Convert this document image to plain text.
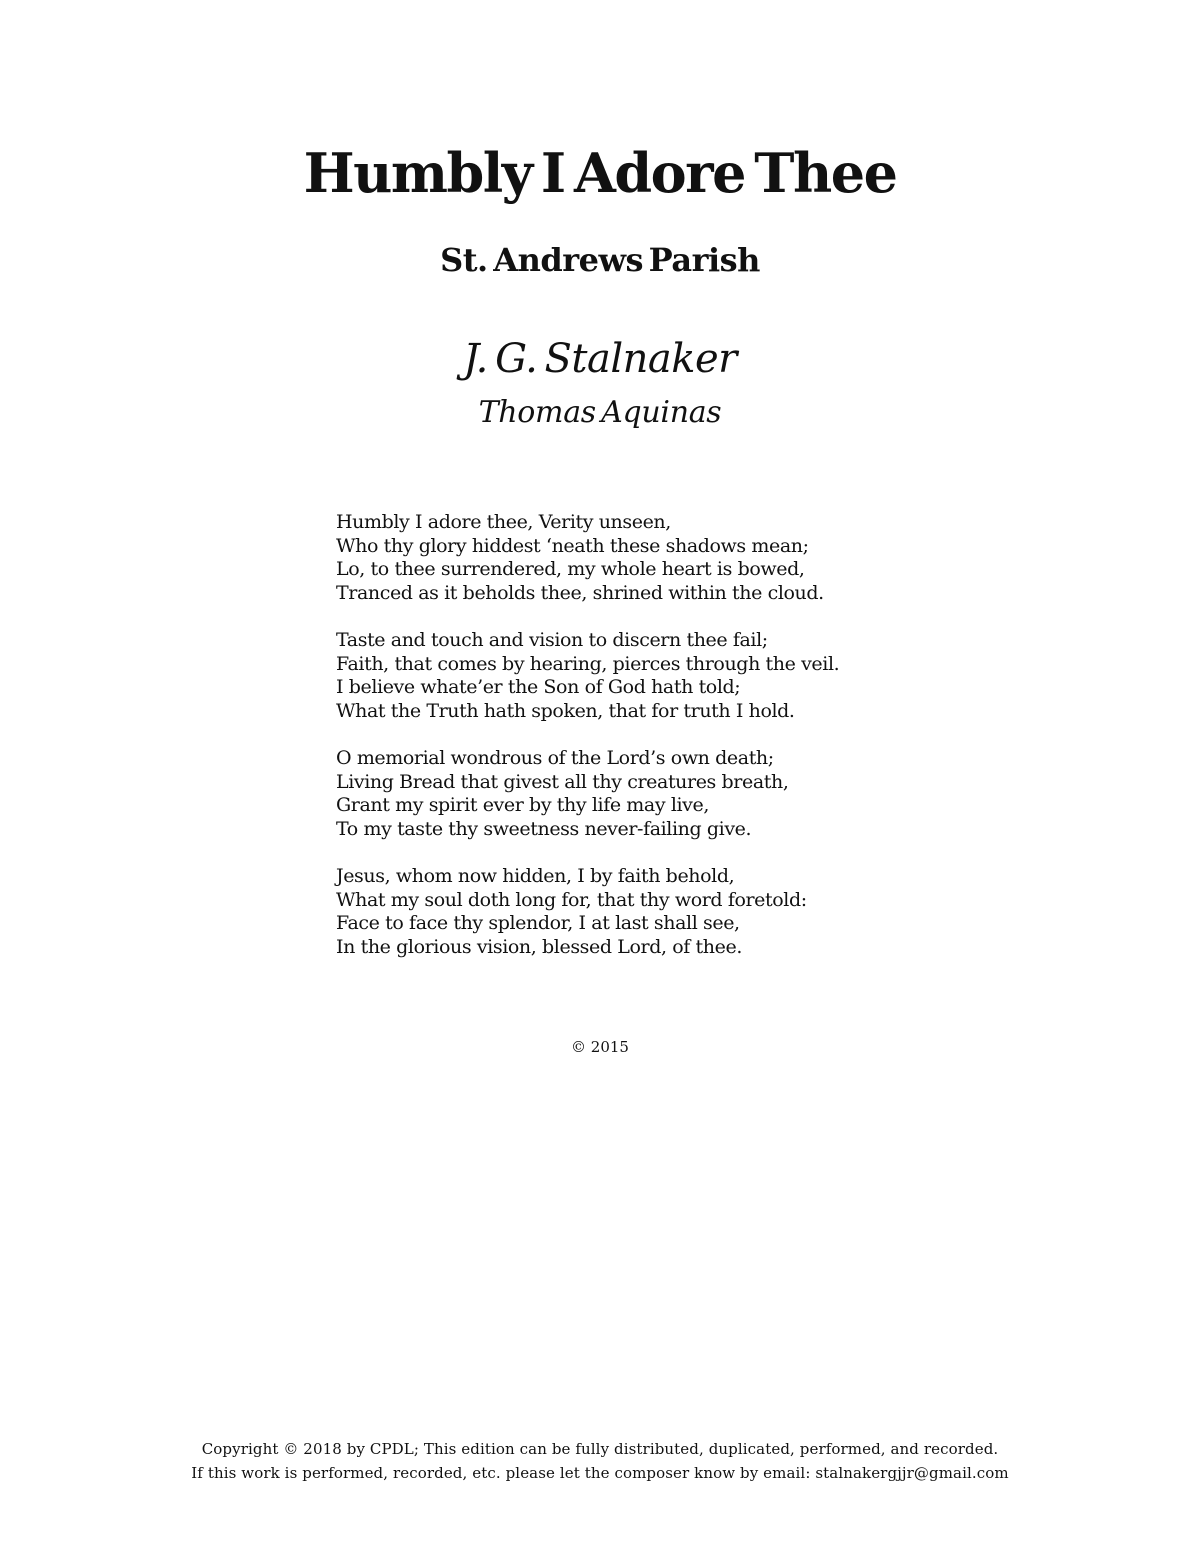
Humbly I Adore Thee
St. Andrews Parish
J. G. Stalnaker
Thomas Aquinas
Humbly I adore thee, Verity unseen,
Who thy glory hiddest ‘neath these shadows mean;
Lo, to thee surrendered, my whole heart is bowed,
Tranced as it beholds thee, shrined within the cloud.
Taste and touch and vision to discern thee fail;
Faith, that comes by hearing, pierces through the veil.
I believe whate’er the Son of God hath told;
What the Truth hath spoken, that for truth I hold.
O memorial wondrous of the Lord’s own death;
Living Bread that givest all thy creatures breath,
Grant my spirit ever by thy life may live,
To my taste thy sweetness never-failing give.
Jesus, whom now hidden, I by faith behold,
What my soul doth long for, that thy word foretold:
Face to face thy splendor, I at last shall see,
In the glorious vision, blessed Lord, of thee.
© 2015
Copyright © 2018 by CPDL; This edition can be fully distributed, duplicated, performed, and recorded.
If this work is performed, recorded, etc. please let the composer know by email: stalnakergjjr@gmail.com
